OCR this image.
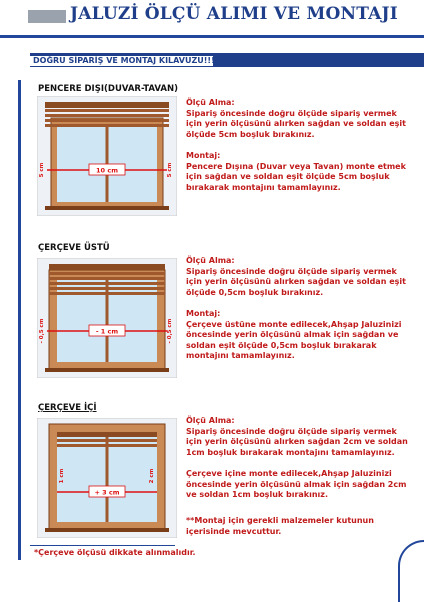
JALUZİ ÖLÇÜ ALIMI VE MONTAJI
DOĞRU SİPARİŞ VE MONTAJ KILAVUZU!!!
PENCERE DIŞI(DUVAR-TAVAN)
10 cm
5 cm	5 cm

Ölçü Alma:

Sipariş öncesinde doğru ölçüde sipariş vermek için yerin ölçüsünü alırken sağdan ve soldan eşit ölçüde 5cm boşluk bırakınız.

Montaj:

Pencere Dışına (Duvar veya Tavan) monte etmek için sağdan ve soldan eşit ölçüde 5cm boşluk bırakarak montajını tamamlayınız.

ÇERÇEVE ÜSTÜ
- 1 cm
- 0,5 cm	- 0,5 cm

Ölçü Alma:

Sipariş öncesinde doğru ölçüde sipariş vermek için yerin ölçüsünü alırken sağdan ve soldan eşit ölçüde 0,5cm boşluk bırakınız.

Montaj:

Çerçeve üstüne monte edilecek,Ahşap Jaluzinizi öncesinde yerin ölçüsünü almak için sağdan ve soldan eşit ölçüde 0,5cm boşluk bırakarak montajını tamamlayınız.

ÇERÇEVE İÇİ
+ 3 cm
1 cm	2 cm

Ölçü Alma:

Sipariş öncesinde doğru ölçüde sipariş vermek için yerin ölçüsünü alırken sağdan 2cm ve soldan 1cm boşluk bırakarak montajını tamamlayınız.

Çerçeve içine monte edilecek,Ahşap Jaluzinizi öncesinde yerin ölçüsünü almak için sağdan 2cm ve soldan 1cm boşluk bırakınız.

**Montaj için gerekli malzemeler kutunun içerisinde mevcuttur.
*Çerçeve ölçüsü dikkate alınmalıdır.
